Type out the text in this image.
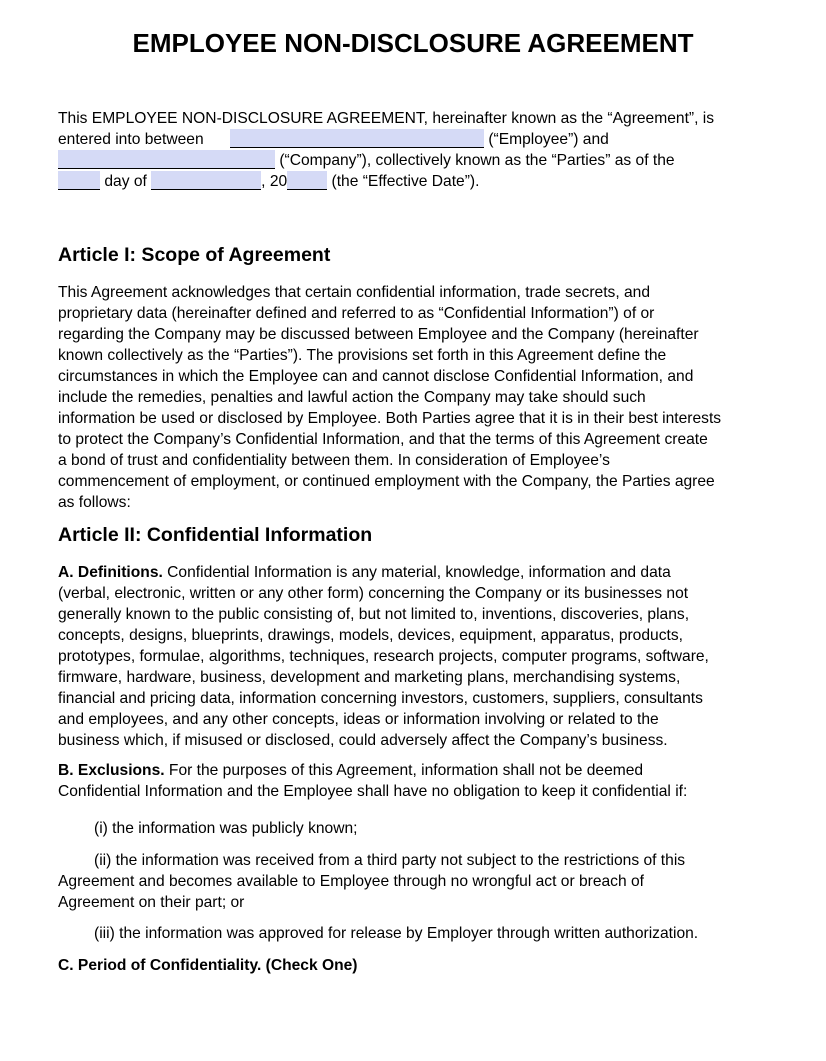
EMPLOYEE NON-DISCLOSURE AGREEMENT
This EMPLOYEE NON-DISCLOSURE AGREEMENT, hereinafter known as the “Agreement”, is
entered into between	(“Employee”) and
(“Company”), collectively known as the “Parties” as of the
day of	, 20	(the “Effective Date”).
Article I: Scope of Agreement
This Agreement acknowledges that certain confidential information, trade secrets, and
proprietary data (hereinafter defined and referred to as “Confidential Information”) of or
regarding the Company may be discussed between Employee and the Company (hereinafter
known collectively as the “Parties”). The provisions set forth in this Agreement define the
circumstances in which the Employee can and cannot disclose Confidential Information, and
include the remedies, penalties and lawful action the Company may take should such
information be used or disclosed by Employee. Both Parties agree that it is in their best interests
to protect the Company’s Confidential Information, and that the terms of this Agreement create
a bond of trust and confidentiality between them. In consideration of Employee’s
commencement of employment, or continued employment with the Company, the Parties agree
as follows:
Article II: Confidential Information
A. Definitions. Confidential Information is any material, knowledge, information and data
(verbal, electronic, written or any other form) concerning the Company or its businesses not
generally known to the public consisting of, but not limited to, inventions, discoveries, plans,
concepts, designs, blueprints, drawings, models, devices, equipment, apparatus, products,
prototypes, formulae, algorithms, techniques, research projects, computer programs, software,
firmware, hardware, business, development and marketing plans, merchandising systems,
financial and pricing data, information concerning investors, customers, suppliers, consultants
and employees, and any other concepts, ideas or information involving or related to the
business which, if misused or disclosed, could adversely affect the Company’s business.
B. Exclusions. For the purposes of this Agreement, information shall not be deemed
Confidential Information and the Employee shall have no obligation to keep it confidential if:
(i) the information was publicly known;
(ii) the information was received from a third party not subject to the restrictions of this
Agreement and becomes available to Employee through no wrongful act or breach of
Agreement on their part; or
(iii) the information was approved for release by Employer through written authorization.
C. Period of Confidentiality. (Check One)
